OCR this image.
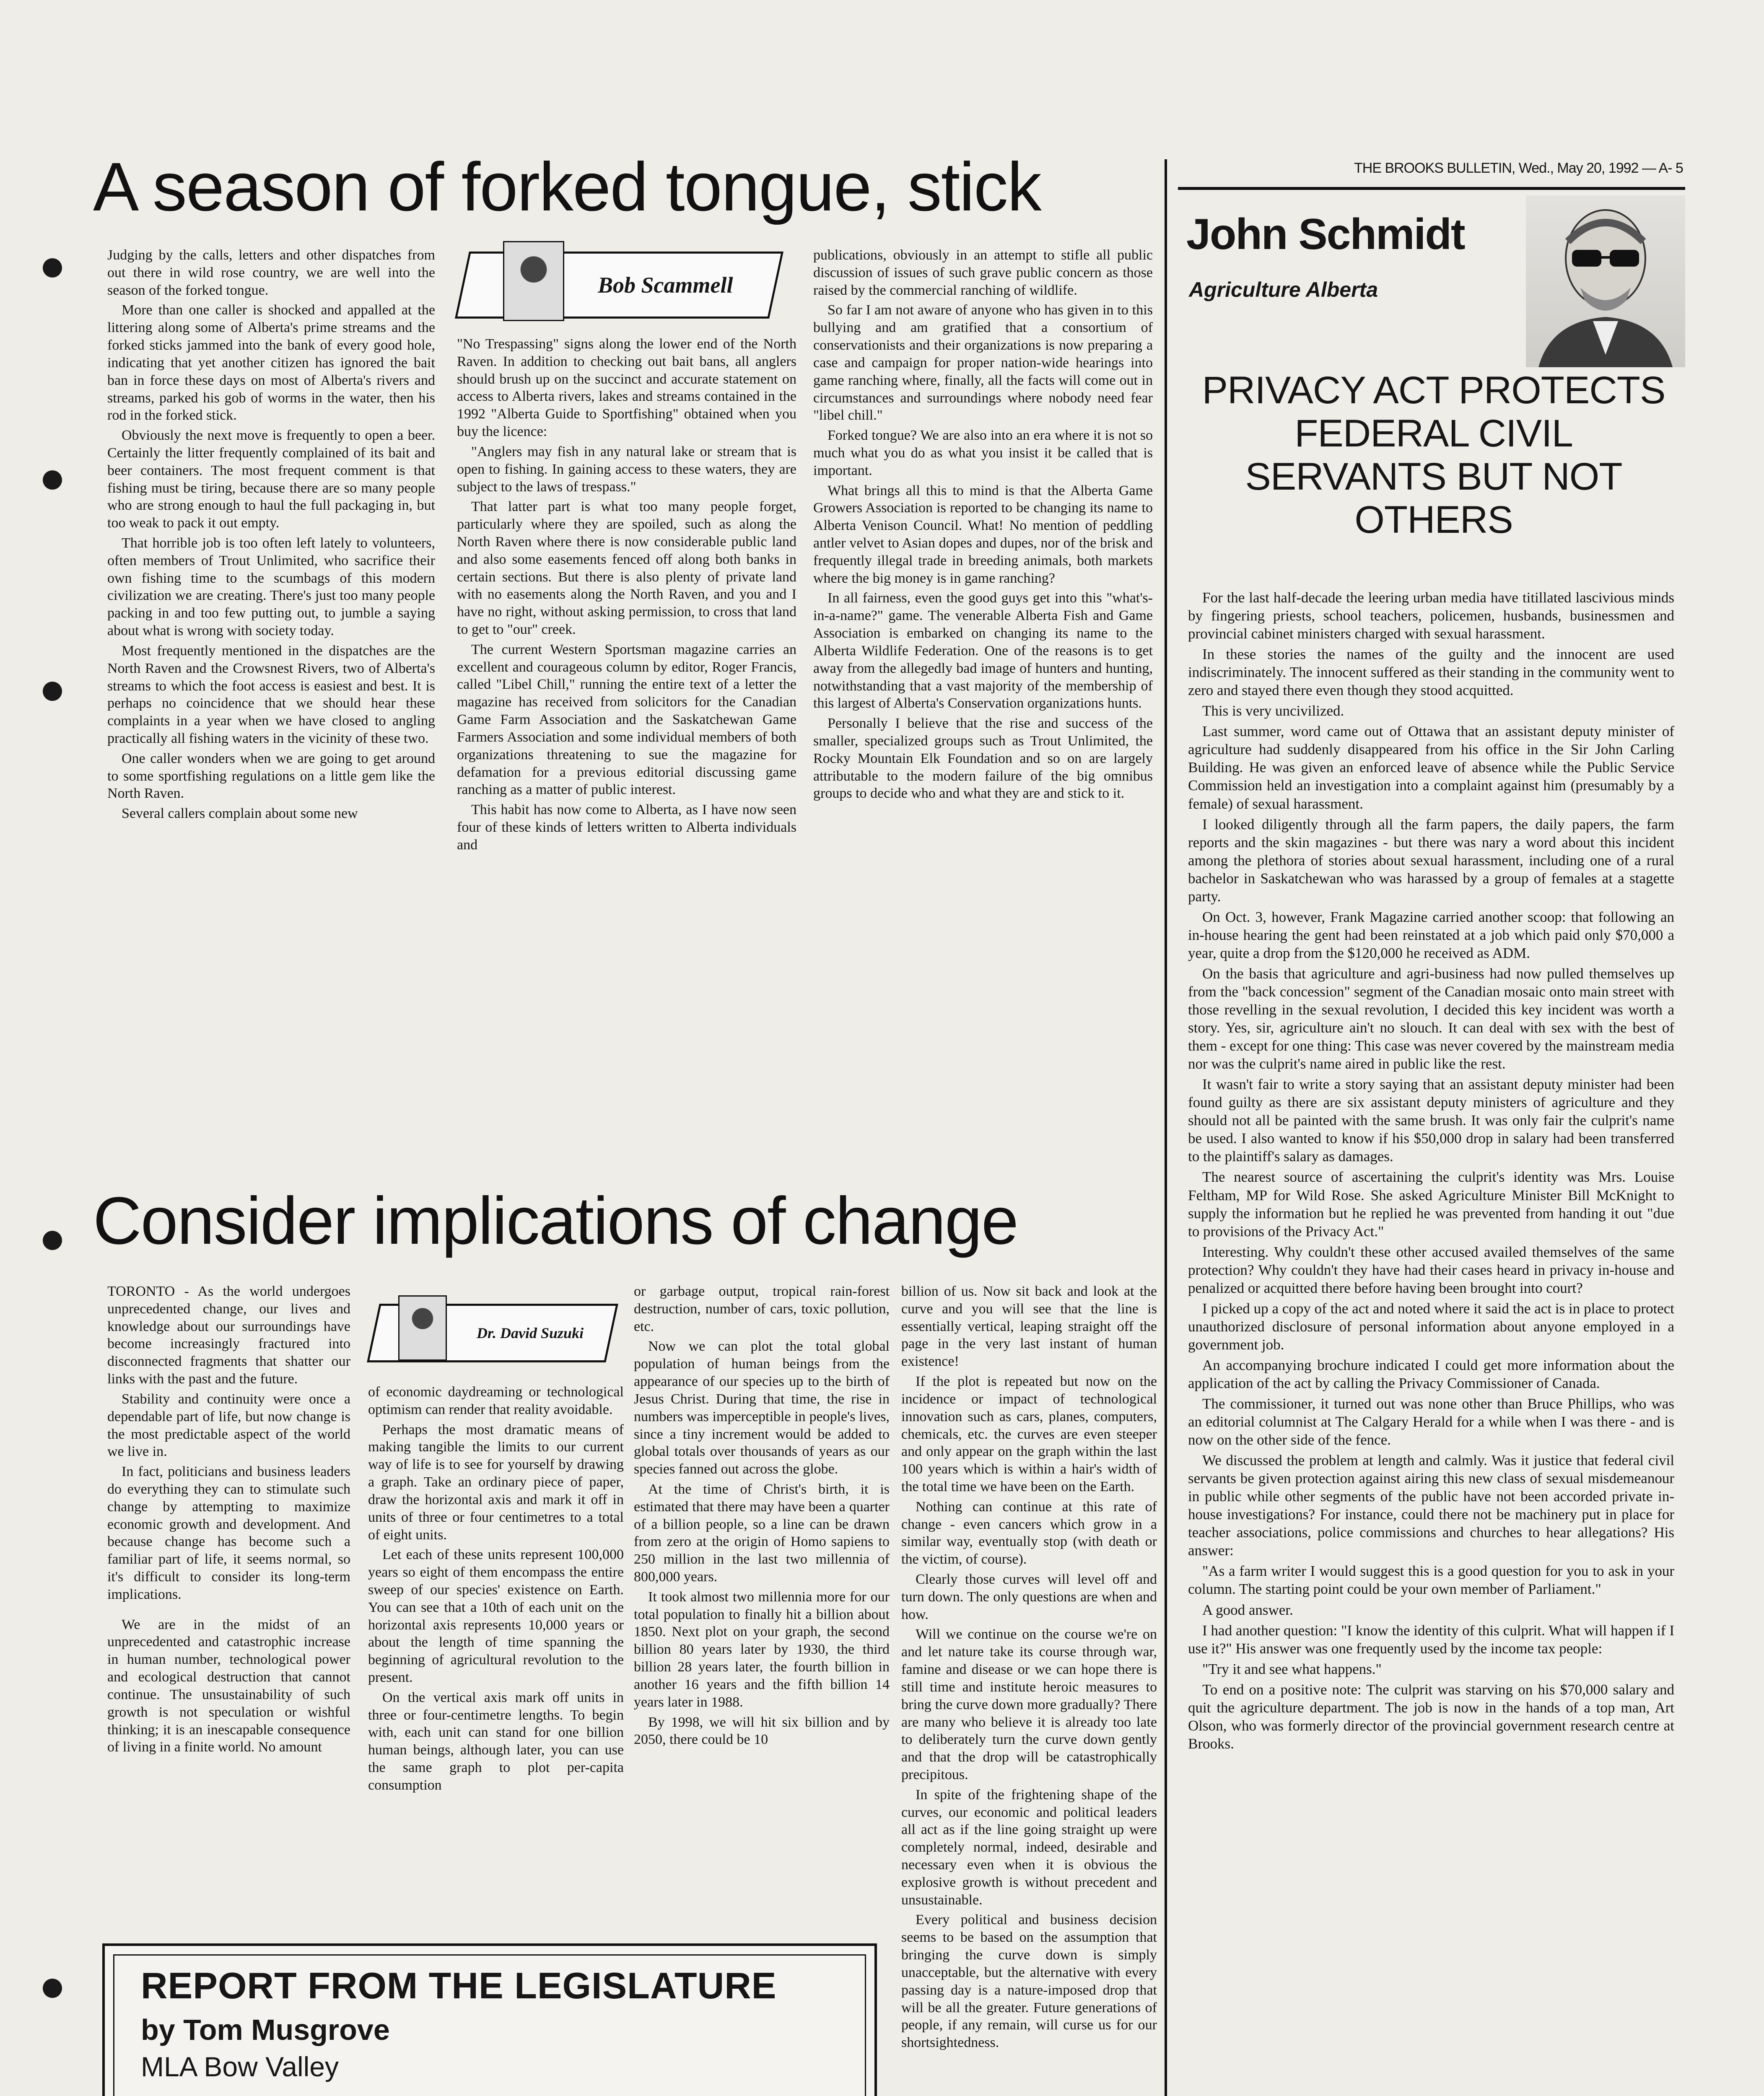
THE BROOKS BULLETIN, Wed., May 20, 1992 — A- 5
A season of forked tongue, stick
Bob Scammell

Judging by the calls, letters and other dispatches from out there in wild rose country, we are well into the season of the forked tongue.

More than one caller is shocked and appalled at the littering along some of Alberta's prime streams and the forked sticks jammed into the bank of every good hole, indicating that yet another citizen has ignored the bait ban in force these days on most of Alberta's rivers and streams, parked his gob of worms in the water, then his rod in the forked stick.

Obviously the next move is frequently to open a beer. Certainly the litter frequently complained of its bait and beer containers. The most frequent comment is that fishing must be tiring, because there are so many people who are strong enough to haul the full packaging in, but too weak to pack it out empty.

That horrible job is too often left lately to volunteers, often members of Trout Unlimited, who sacrifice their own fishing time to the scumbags of this modern civilization we are creating. There's just too many people packing in and too few putting out, to jumble a saying about what is wrong with society today.

Most frequently mentioned in the dispatches are the North Raven and the Crowsnest Rivers, two of Alberta's streams to which the foot access is easiest and best. It is perhaps no coincidence that we should hear these complaints in a year when we have closed to angling practically all fishing waters in the vicinity of these two.

One caller wonders when we are going to get around to some sportfishing regulations on a little gem like the North Raven.

Several callers complain about some new

"No Trespassing" signs along the lower end of the North Raven. In addition to checking out bait bans, all anglers should brush up on the succinct and accurate statement on access to Alberta rivers, lakes and streams contained in the 1992 "Alberta Guide to Sportfishing" obtained when you buy the licence:

"Anglers may fish in any natural lake or stream that is open to fishing. In gaining access to these waters, they are subject to the laws of trespass."

That latter part is what too many people forget, particularly where they are spoiled, such as along the North Raven where there is now considerable public land and also some easements fenced off along both banks in certain sections. But there is also plenty of private land with no easements along the North Raven, and you and I have no right, without asking permission, to cross that land to get to "our" creek.

The current Western Sportsman magazine carries an excellent and courageous column by editor, Roger Francis, called "Libel Chill," running the entire text of a letter the magazine has received from solicitors for the Canadian Game Farm Association and the Saskatchewan Game Farmers Association and some individual members of both organizations threatening to sue the magazine for defamation for a previous editorial discussing game ranching as a matter of public interest.

This habit has now come to Alberta, as I have now seen four of these kinds of letters written to Alberta individuals and

publications, obviously in an attempt to stifle all public discussion of issues of such grave public concern as those raised by the commercial ranching of wildlife.

So far I am not aware of anyone who has given in to this bullying and am gratified that a consortium of conservationists and their organizations is now preparing a case and campaign for proper nation-wide hearings into game ranching where, finally, all the facts will come out in circumstances and surroundings where nobody need fear "libel chill."

Forked tongue? We are also into an era where it is not so much what you do as what you insist it be called that is important.

What brings all this to mind is that the Alberta Game Growers Association is reported to be changing its name to Alberta Venison Council. What! No mention of peddling antler velvet to Asian dopes and dupes, nor of the brisk and frequently illegal trade in breeding animals, both markets where the big money is in game ranching?

In all fairness, even the good guys get into this "what's-in-a-name?" game. The venerable Alberta Fish and Game Association is embarked on changing its name to the Alberta Wildlife Federation. One of the reasons is to get away from the allegedly bad image of hunters and hunting, notwithstanding that a vast majority of the membership of this largest of Alberta's Conservation organizations hunts.

Personally I believe that the rise and success of the smaller, specialized groups such as Trout Unlimited, the Rocky Mountain Elk Foundation and so on are largely attributable to the modern failure of the big omnibus groups to decide who and what they are and stick to it.

Consider implications of change
Dr. David Suzuki

TORONTO - As the world undergoes unprecedented change, our lives and knowledge about our surroundings have become increasingly fractured into disconnected fragments that shatter our links with the past and the future.

Stability and continuity were once a dependable part of life, but now change is the most predictable aspect of the world we live in.

In fact, politicians and business leaders do everything they can to stimulate such change by attempting to maximize economic growth and development. And because change has become such a familiar part of life, it seems normal, so it's difficult to consider its long-term implications.

We are in the midst of an unprecedented and catastrophic increase in human number, technological power and ecological destruction that cannot continue. The unsustainability of such growth is not speculation or wishful thinking; it is an inescapable consequence of living in a finite world. No amount

of economic daydreaming or technological optimism can render that reality avoidable.

Perhaps the most dramatic means of making tangible the limits to our current way of life is to see for yourself by drawing a graph. Take an ordinary piece of paper, draw the horizontal axis and mark it off in units of three or four centimetres to a total of eight units.

Let each of these units represent 100,000 years so eight of them encompass the entire sweep of our species' existence on Earth. You can see that a 10th of each unit on the horizontal axis represents 10,000 years or about the length of time spanning the beginning of agricultural revolution to the present.

On the vertical axis mark off units in three or four-centimetre lengths. To begin with, each unit can stand for one billion human beings, although later, you can use the same graph to plot per-capita consumption

or garbage output, tropical rain-forest destruction, number of cars, toxic pollution, etc.

Now we can plot the total global population of human beings from the appearance of our species up to the birth of Jesus Christ. During that time, the rise in numbers was imperceptible in people's lives, since a tiny increment would be added to global totals over thousands of years as our species fanned out across the globe.

At the time of Christ's birth, it is estimated that there may have been a quarter of a billion people, so a line can be drawn from zero at the origin of Homo sapiens to 250 million in the last two millennia of 800,000 years.

It took almost two millennia more for our total population to finally hit a billion about 1850. Next plot on your graph, the second billion 80 years later by 1930, the third billion 28 years later, the fourth billion in another 16 years and the fifth billion 14 years later in 1988.

By 1998, we will hit six billion and by 2050, there could be 10

billion of us. Now sit back and look at the curve and you will see that the line is essentially vertical, leaping straight off the page in the very last instant of human existence!

If the plot is repeated but now on the incidence or impact of technological innovation such as cars, planes, computers, chemicals, etc. the curves are even steeper and only appear on the graph within the last 100 years which is within a hair's width of the total time we have been on the Earth.

Nothing can continue at this rate of change - even cancers which grow in a similar way, eventually stop (with death or the victim, of course).

Clearly those curves will level off and turn down. The only questions are when and how.

Will we continue on the course we're on and let nature take its course through war, famine and disease or we can hope there is still time and institute heroic measures to bring the curve down more gradually? There are many who believe it is already too late to deliberately turn the curve down gently and that the drop will be catastrophically precipitous.

In spite of the frightening shape of the curves, our economic and political leaders all act as if the line going straight up were completely normal, indeed, desirable and necessary even when it is obvious the explosive growth is without precedent and unsustainable.

Every political and business decision seems to be based on the assumption that bringing the curve down is simply unacceptable, but the alternative with every passing day is a nature-imposed drop that will be all the greater. Future generations of people, if any remain, will curse us for our shortsightedness.

REPORT FROM THE LEGISLATURE
by Tom Musgrove
MLA Bow Valley

John Schmidt
Agriculture Alberta
PRIVACY ACT PROTECTS FEDERAL CIVIL SERVANTS BUT NOT OTHERS

For the last half-decade the leering urban media have titillated lascivious minds by fingering priests, school teachers, policemen, husbands, businessmen and provincial cabinet ministers charged with sexual harassment.

In these stories the names of the guilty and the innocent are used indiscriminately. The innocent suffered as their standing in the community went to zero and stayed there even though they stood acquitted.

This is very uncivilized.

Last summer, word came out of Ottawa that an assistant deputy minister of agriculture had suddenly disappeared from his office in the Sir John Carling Building. He was given an enforced leave of absence while the Public Service Commission held an investigation into a complaint against him (presumably by a female) of sexual harassment.

I looked diligently through all the farm papers, the daily papers, the farm reports and the skin magazines - but there was nary a word about this incident among the plethora of stories about sexual harassment, including one of a rural bachelor in Saskatchewan who was harassed by a group of females at a stagette party.

On Oct. 3, however, Frank Magazine carried another scoop: that following an in-house hearing the gent had been reinstated at a job which paid only $70,000 a year, quite a drop from the $120,000 he received as ADM.

On the basis that agriculture and agri-business had now pulled themselves up from the "back concession" segment of the Canadian mosaic onto main street with those revelling in the sexual revolution, I decided this key incident was worth a story. Yes, sir, agriculture ain't no slouch. It can deal with sex with the best of them - except for one thing: This case was never covered by the mainstream media nor was the culprit's name aired in public like the rest.

It wasn't fair to write a story saying that an assistant deputy minister had been found guilty as there are six assistant deputy ministers of agriculture and they should not all be painted with the same brush. It was only fair the culprit's name be used. I also wanted to know if his $50,000 drop in salary had been transferred to the plaintiff's salary as damages.

The nearest source of ascertaining the culprit's identity was Mrs. Louise Feltham, MP for Wild Rose. She asked Agriculture Minister Bill McKnight to supply the information but he replied he was prevented from handing it out "due to provisions of the Privacy Act."

Interesting. Why couldn't these other accused availed themselves of the same protection? Why couldn't they have had their cases heard in privacy in-house and penalized or acquitted there before having been brought into court?

I picked up a copy of the act and noted where it said the act is in place to protect unauthorized disclosure of personal information about anyone employed in a government job.

An accompanying brochure indicated I could get more information about the application of the act by calling the Privacy Commissioner of Canada.

The commissioner, it turned out was none other than Bruce Phillips, who was an editorial columnist at The Calgary Herald for a while when I was there - and is now on the other side of the fence.

We discussed the problem at length and calmly. Was it justice that federal civil servants be given protection against airing this new class of sexual misdemeanour in public while other segments of the public have not been accorded private in-house investigations? For instance, could there not be machinery put in place for teacher associations, police commissions and churches to hear allegations? His answer:

"As a farm writer I would suggest this is a good question for you to ask in your column. The starting point could be your own member of Parliament."

A good answer.

I had another question: "I know the identity of this culprit. What will happen if I use it?" His answer was one frequently used by the income tax people:

"Try it and see what happens."

To end on a positive note: The culprit was starving on his $70,000 salary and quit the agriculture department. The job is now in the hands of a top man, Art Olson, who was formerly director of the provincial government research centre at Brooks.
